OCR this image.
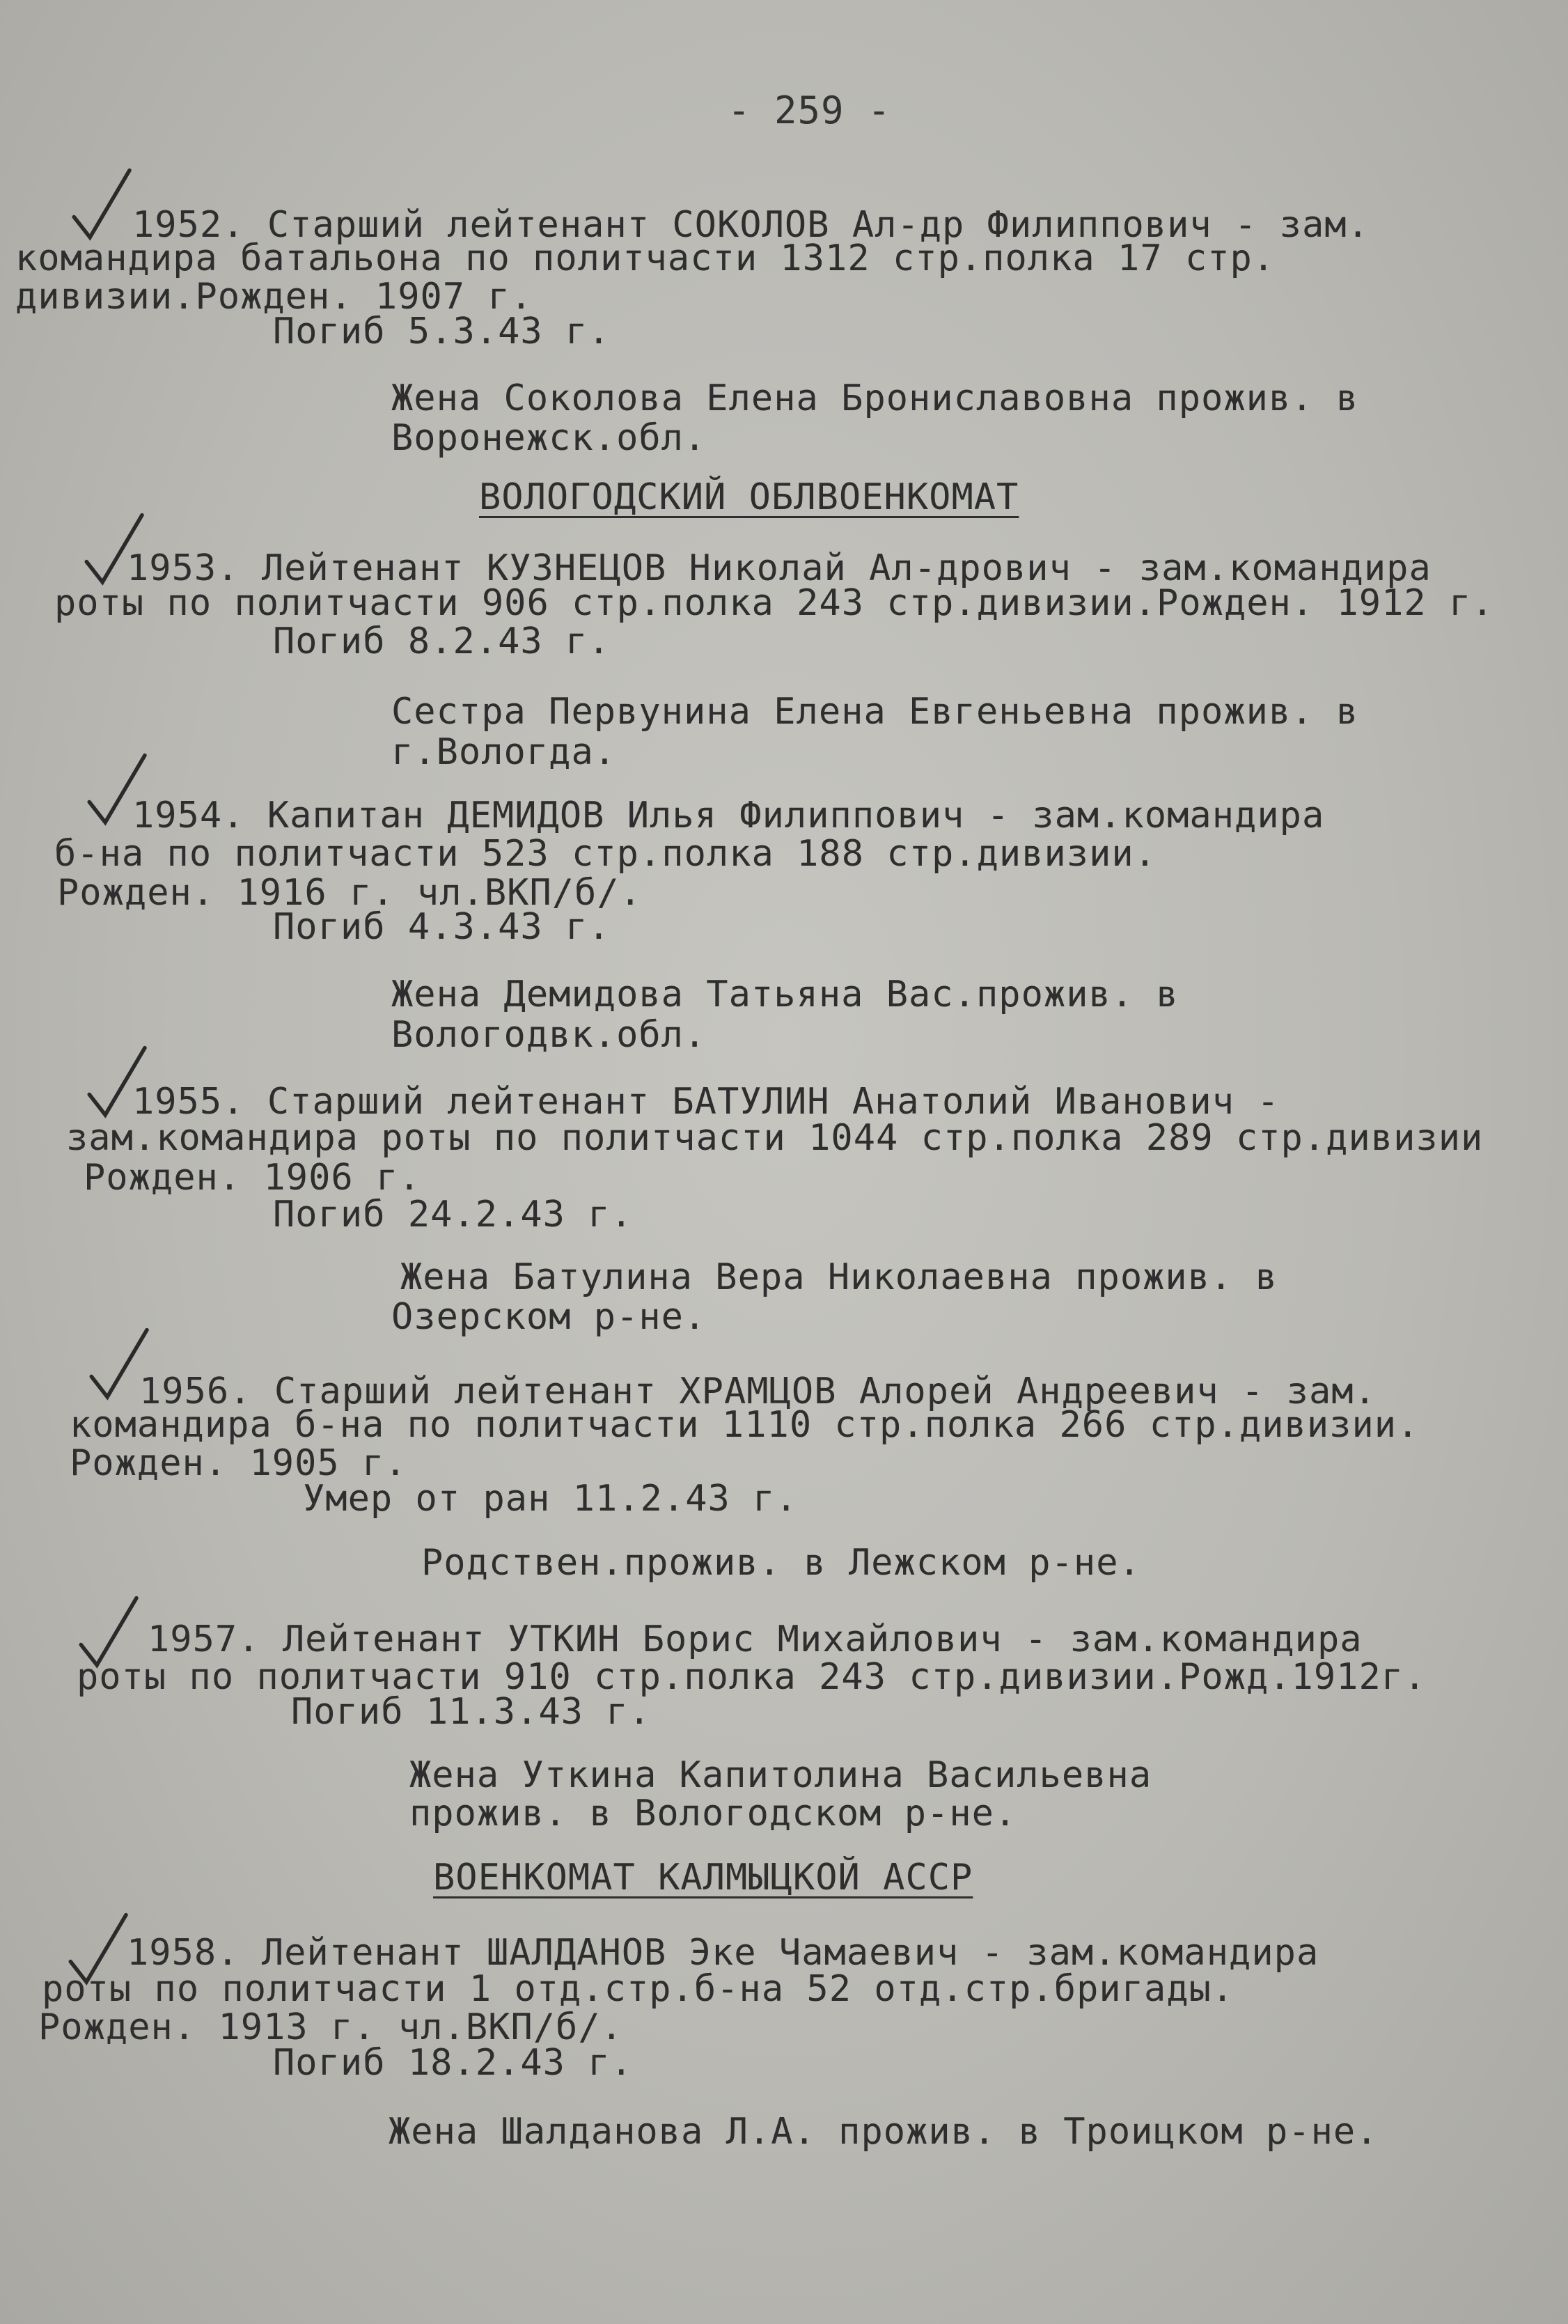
- 259 -
1952. Старший лейтенант СОКОЛОВ Ал-др Филиппович - зам.
командира батальона по политчасти 1312 стр.полка 17 стр.
дивизии.Рожден. 1907 г.
Погиб 5.3.43 г.
Жена Соколова Елена Брониславовна прожив. в
Воронежск.обл.
ВОЛОГОДСКИЙ ОБЛВОЕНКОМАТ
1953. Лейтенант КУЗНЕЦОВ Николай Ал-дрович - зам.командира
роты по политчасти 906 стр.полка 243 стр.дивизии.Рожден. 1912 г.
Погиб 8.2.43 г.
Сестра Первунина Елена Евгеньевна прожив. в
г.Вологда.
1954. Капитан ДЕМИДОВ Илья Филиппович - зам.командира
б-на по политчасти 523 стр.полка 188 стр.дивизии.
Рожден. 1916 г. чл.ВКП/б/.
Погиб 4.3.43 г.
Жена Демидова Татьяна Вас.прожив. в
Вологодвк.обл.
1955. Старший лейтенант БАТУЛИН Анатолий Иванович -
зам.командира роты по политчасти 1044 стр.полка 289 стр.дивизии
Рожден. 1906 г.
Погиб 24.2.43 г.
Жена Батулина Вера Николаевна прожив. в
Озерском р-не.
1956. Старший лейтенант ХРАМЦОВ Алорей Андреевич - зам.
командира б-на по политчасти 1110 стр.полка 266 стр.дивизии.
Рожден. 1905 г.
Умер от ран 11.2.43 г.
Родствен.прожив. в Лежском р-не.
1957. Лейтенант УТКИН Борис Михайлович - зам.командира
роты по политчасти 910 стр.полка 243 стр.дивизии.Рожд.1912г.
Погиб 11.3.43 г.
Жена Уткина Капитолина Васильевна
прожив. в Вологодском р-не.
ВОЕНКОМАТ КАЛМЫЦКОЙ АССР
1958. Лейтенант ШАЛДАНОВ Эке Чамаевич - зам.командира
роты по политчасти 1 отд.стр.б-на 52 отд.стр.бригады.
Рожден. 1913 г. чл.ВКП/б/.
Погиб 18.2.43 г.
Жена Шалданова Л.А. прожив. в Троицком р-не.
